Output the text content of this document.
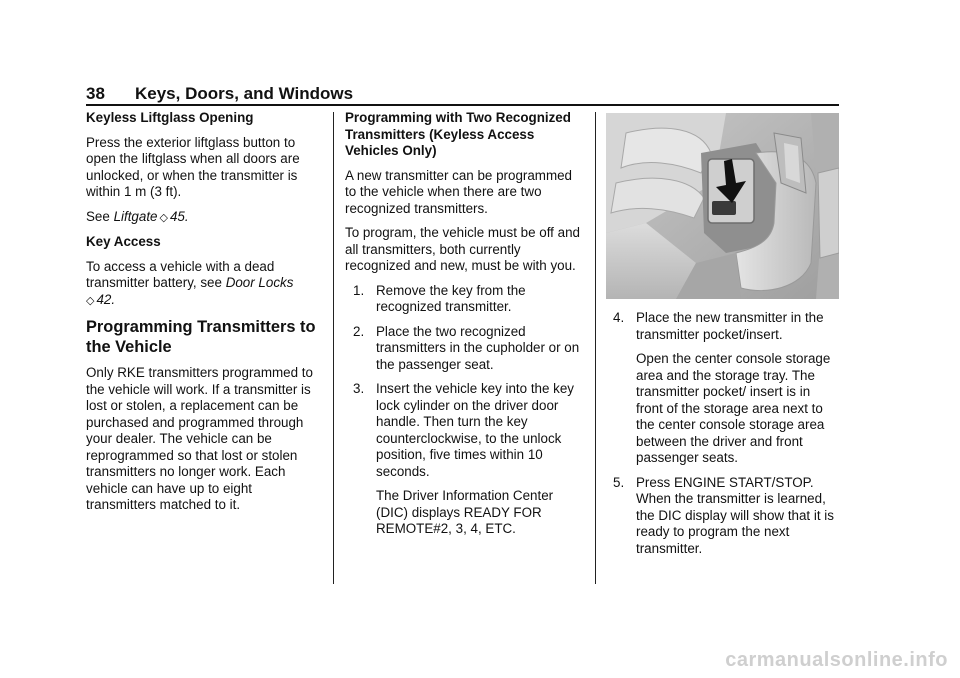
38 Keys, Doors, and Windows
Keyless Liftglass Opening

Press the exterior liftglass button to open the liftglass when all doors are unlocked, or when the transmitter is within 1 m (3 ft).

See Liftgate ◇ 45.

Key Access

To access a vehicle with a dead transmitter battery, see Door Locks
◇ 42.

Programming Transmitters to the Vehicle

Only RKE transmitters programmed to the vehicle will work. If a transmitter is lost or stolen, a replacement can be purchased and programmed through your dealer. The vehicle can be reprogrammed so that lost or stolen transmitters no longer work. Each vehicle can have up to eight transmitters matched to it.

Programming with Two Recognized Transmitters (Keyless Access Vehicles Only)

A new transmitter can be programmed to the vehicle when there are two recognized transmitters.

To program, the vehicle must be off and all transmitters, both currently recognized and new, must be with you.

1. Remove the key from the recognized transmitter.
2. Place the two recognized transmitters in the cupholder or on the passenger seat.
3. Insert the vehicle key into the key lock cylinder on the driver door handle. Then turn the key counterclockwise, to the unlock position, five times within 10 seconds.
The Driver Information Center (DIC) displays READY FOR REMOTE#2, 3, 4, ETC.
4. Place the new transmitter in the transmitter pocket/insert.
Open the center console storage area and the storage tray. The transmitter pocket/ insert is in front of the storage area next to the center console storage area between the driver and front passenger seats.
5. Press ENGINE START/STOP. When the transmitter is learned, the DIC display will show that it is ready to program the next transmitter.
carmanualsonline.info
